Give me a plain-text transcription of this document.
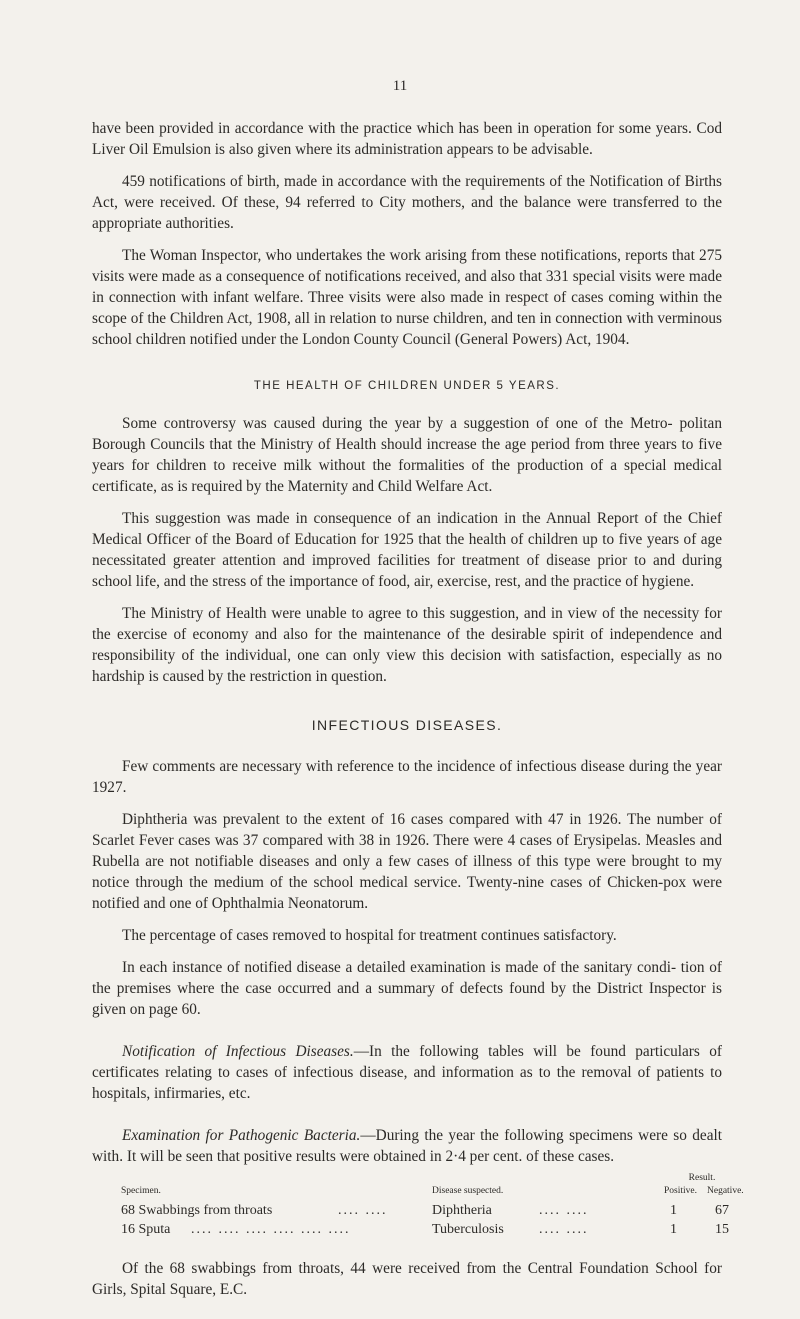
11

have been provided in accordance with the practice which has been in operation for some years. Cod Liver Oil Emulsion is also given where its administration appears to be advisable.

459 notifications of birth, made in accordance with the requirements of the Notification of Births Act, were received. Of these, 94 referred to City mothers, and the balance were transferred to the appropriate authorities.

The Woman Inspector, who undertakes the work arising from these notifications, reports that 275 visits were made as a consequence of notifications received, and also that 331 special visits were made in connection with infant welfare. Three visits were also made in respect of cases coming within the scope of the Children Act, 1908, all in relation to nurse children, and ten in connection with verminous school children notified under the London County Council (General Powers) Act, 1904.

THE HEALTH OF CHILDREN UNDER 5 YEARS.

Some controversy was caused during the year by a suggestion of one of the Metro- politan Borough Councils that the Ministry of Health should increase the age period from three years to five years for children to receive milk without the formalities of the production of a special medical certificate, as is required by the Maternity and Child Welfare Act.

This suggestion was made in consequence of an indication in the Annual Report of the Chief Medical Officer of the Board of Education for 1925 that the health of children up to five years of age necessitated greater attention and improved facilities for treatment of disease prior to and during school life, and the stress of the importance of food, air, exercise, rest, and the practice of hygiene.

The Ministry of Health were unable to agree to this suggestion, and in view of the necessity for the exercise of economy and also for the maintenance of the desirable spirit of independence and responsibility of the individual, one can only view this decision with satisfaction, especially as no hardship is caused by the restriction in question.

INFECTIOUS DISEASES.

Few comments are necessary with reference to the incidence of infectious disease during the year 1927.

Diphtheria was prevalent to the extent of 16 cases compared with 47 in 1926. The number of Scarlet Fever cases was 37 compared with 38 in 1926. There were 4 cases of Erysipelas. Measles and Rubella are not notifiable diseases and only a few cases of illness of this type were brought to my notice through the medium of the school medical service. Twenty-nine cases of Chicken-pox were notified and one of Ophthalmia Neonatorum.

The percentage of cases removed to hospital for treatment continues satisfactory.

In each instance of notified disease a detailed examination is made of the sanitary condi- tion of the premises where the case occurred and a summary of defects found by the District Inspector is given on page 60.

Notification of Infectious Diseases.—In the following tables will be found particulars of certificates relating to cases of infectious disease, and information as to the removal of patients to hospitals, infirmaries, etc.

Examination for Pathogenic Bacteria.—During the year the following specimens were so dealt with. It will be seen that positive results were obtained in 2·4 per cent. of these cases.

Result.
Specimen.	Disease suspected.	Positive. Negative.
68 Swabbings from throats	.... ....	Diphtheria	.... ....	1	67
16 Sputa .... .... .... .... .... ....	Tuberculosis	.... ....	1	15

Of the 68 swabbings from throats, 44 were received from the Central Foundation School for Girls, Spital Square, E.C.
